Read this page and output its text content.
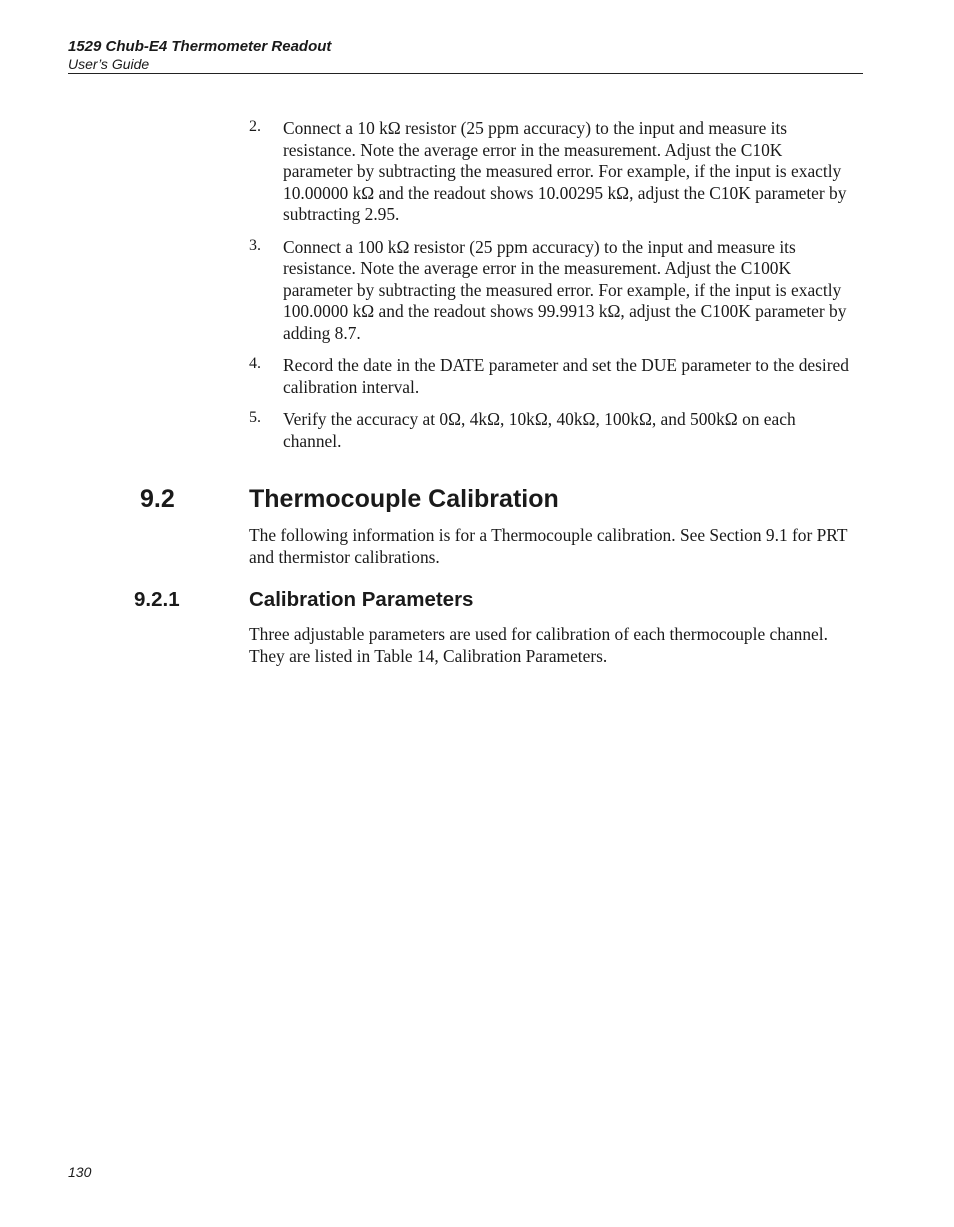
1529 Chub-E4 Thermometer Readout
User’s Guide
2. Connect a 10 kΩ resistor (25 ppm accuracy) to the input and measure its resistance. Note the average error in the measurement. Adjust the C10K parameter by subtracting the measured error. For example, if the input is exactly 10.00000 kΩ and the readout shows 10.00295 kΩ, adjust the C10K parameter by subtracting 2.95.
3. Connect a 100 kΩ resistor (25 ppm accuracy) to the input and measure its resistance. Note the average error in the measurement. Adjust the C100K parameter by subtracting the measured error. For example, if the input is exactly 100.0000 kΩ and the readout shows 99.9913 kΩ, adjust the C100K parameter by adding 8.7.
4. Record the date in the DATE parameter and set the DUE parameter to the desired calibration interval.
5. Verify the accuracy at 0Ω, 4kΩ, 10kΩ, 40kΩ, 100kΩ, and 500kΩ on each channel.
9.2	Thermocouple Calibration

The following information is for a Thermocouple calibration. See Section 9.1 for PRT and thermistor calibrations.

9.2.1	Calibration Parameters

Three adjustable parameters are used for calibration of each thermocouple channel. They are listed in Table 14, Calibration Parameters.

130
